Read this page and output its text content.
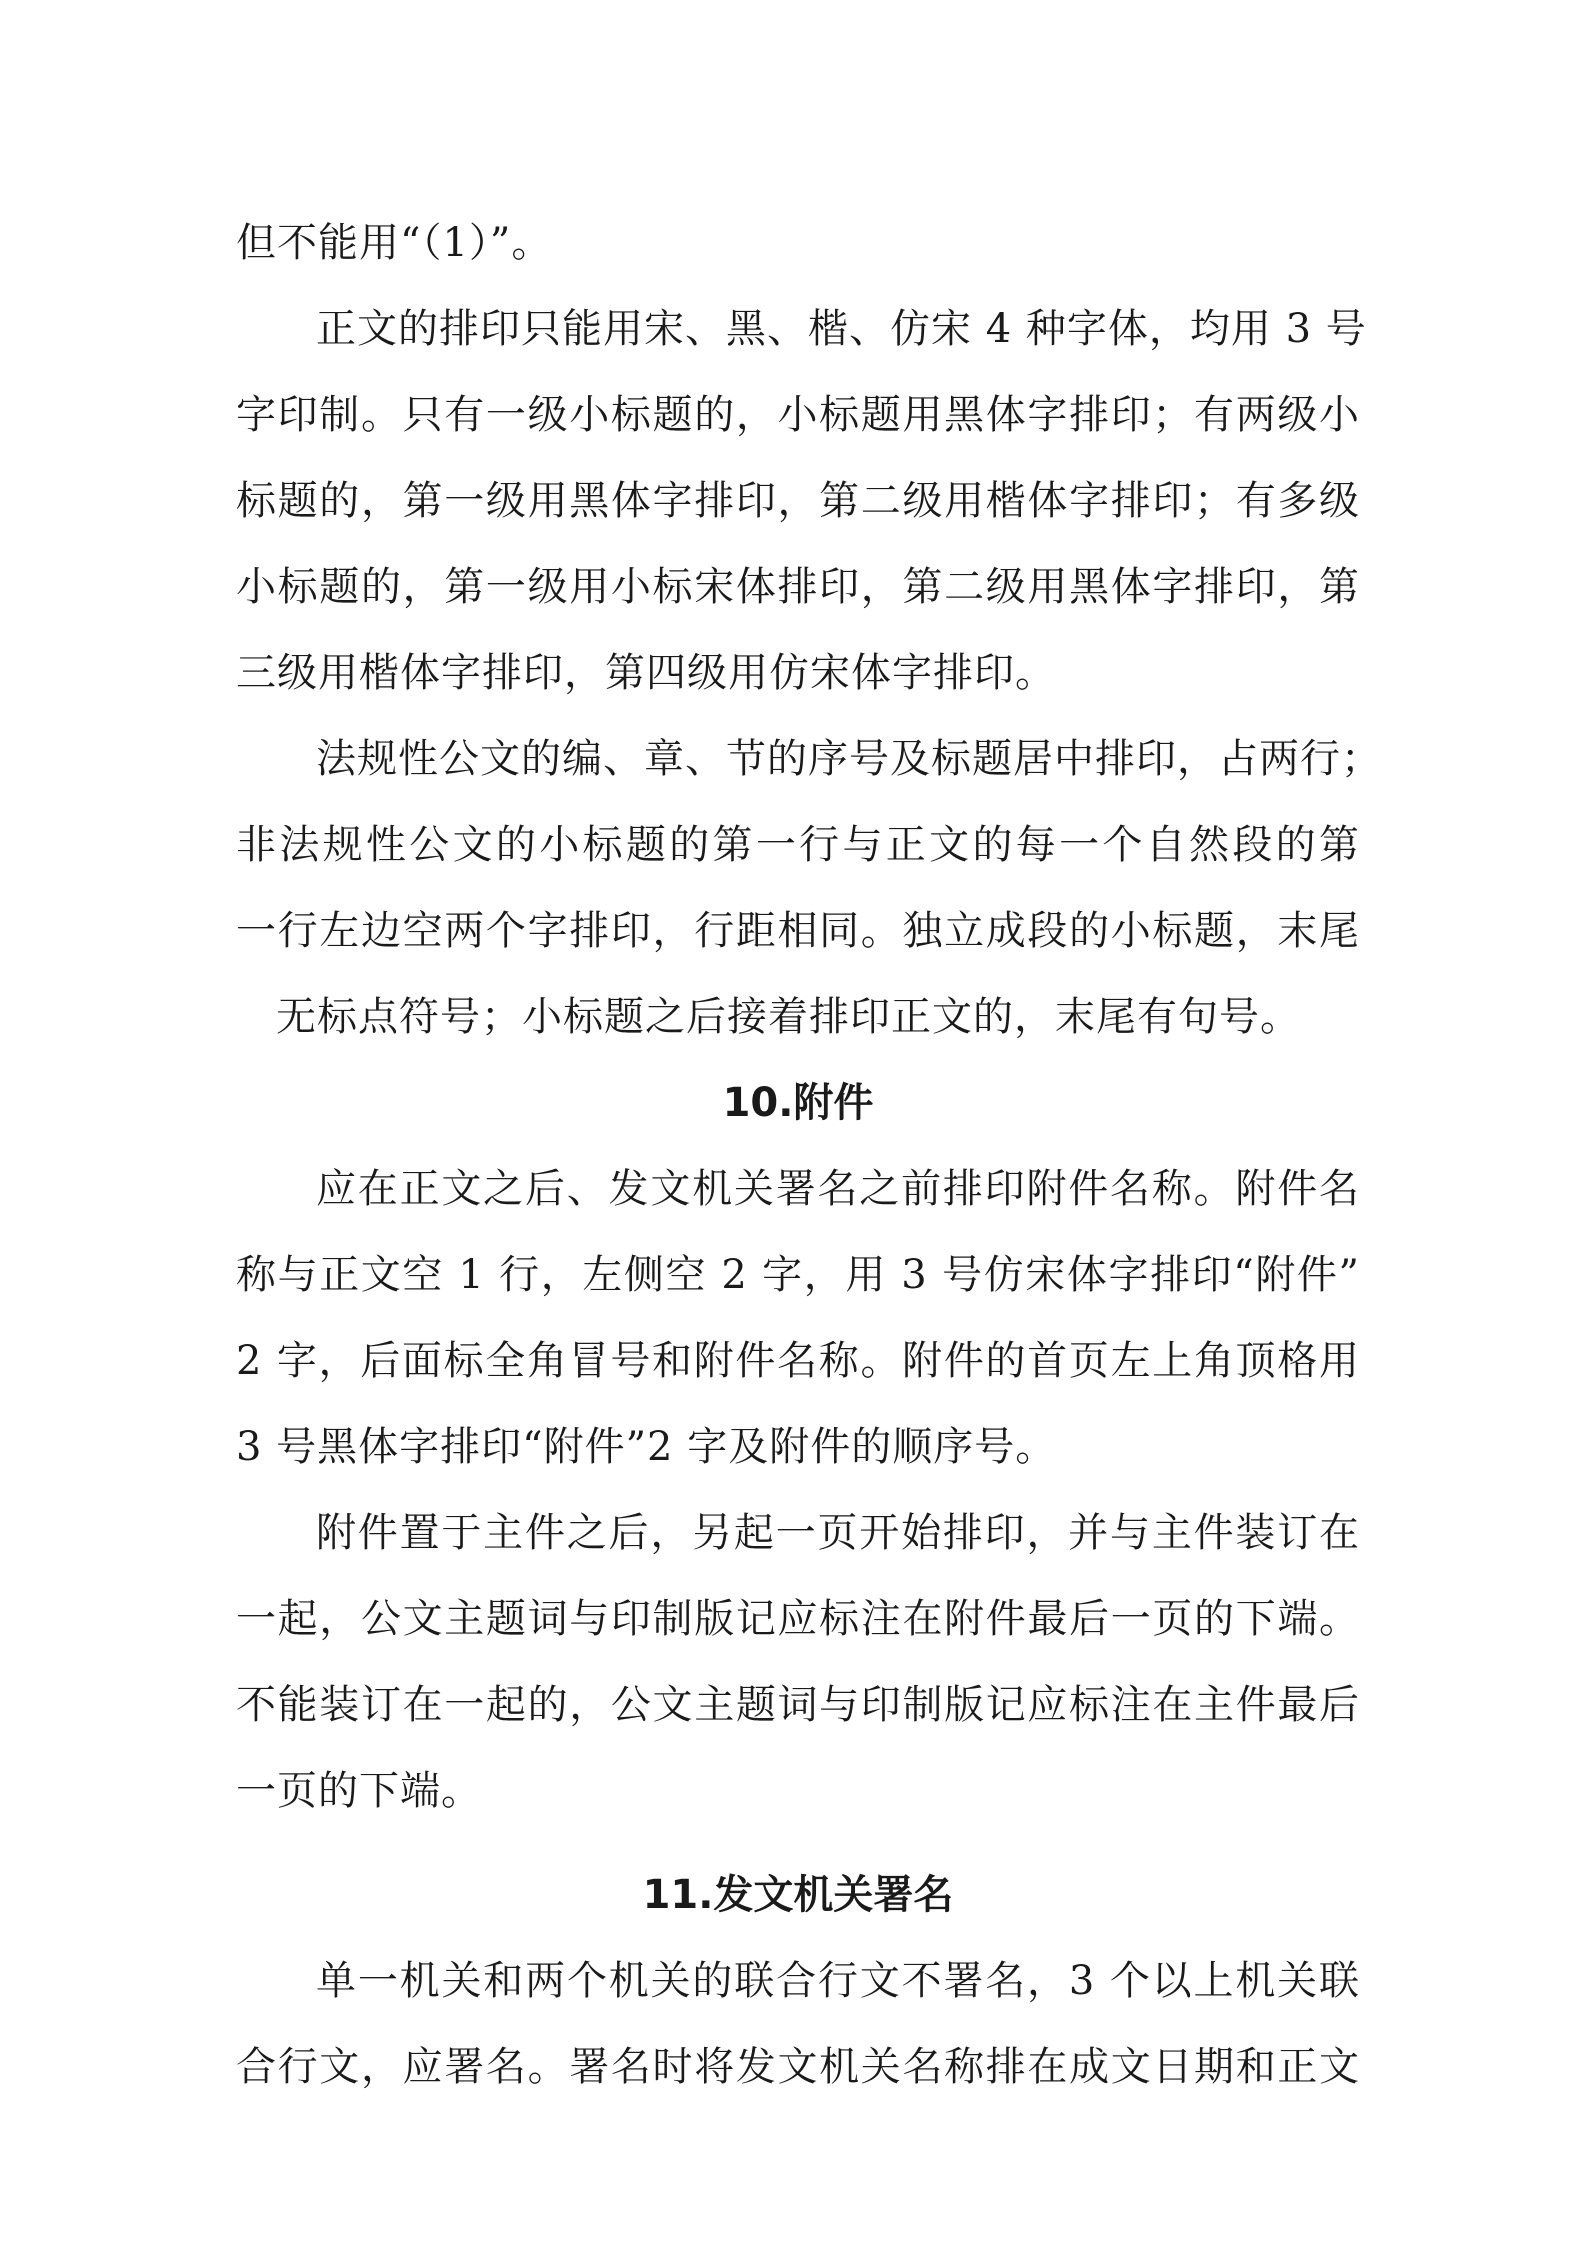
但不能用“（1）”。
正文的排印只能用宋、黑、楷、仿宋 4 种字体，均用 3 号
字印制。只有一级小标题的，小标题用黑体字排印；有两级小
标题的，第一级用黑体字排印，第二级用楷体字排印；有多级
小标题的，第一级用小标宋体排印，第二级用黑体字排印，第
三级用楷体字排印，第四级用仿宋体字排印。
法规性公文的编、章、节的序号及标题居中排印，占两行；
非法规性公文的小标题的第一行与正文的每一个自然段的第
一行左边空两个字排印，行距相同。独立成段的小标题，末尾
无标点符号；小标题之后接着排印正文的，末尾有句号。
10.附件
应在正文之后、发文机关署名之前排印附件名称。附件名
称与正文空 1 行，左侧空 2 字，用 3 号仿宋体字排印“附件”
2 字，后面标全角冒号和附件名称。附件的首页左上角顶格用
3 号黑体字排印“附件”2 字及附件的顺序号。
附件置于主件之后，另起一页开始排印，并与主件装订在
一起，公文主题词与印制版记应标注在附件最后一页的下端。
不能装订在一起的，公文主题词与印制版记应标注在主件最后
一页的下端。
11.发文机关署名
单一机关和两个机关的联合行文不署名，3 个以上机关联
合行文，应署名。署名时将发文机关名称排在成文日期和正文
